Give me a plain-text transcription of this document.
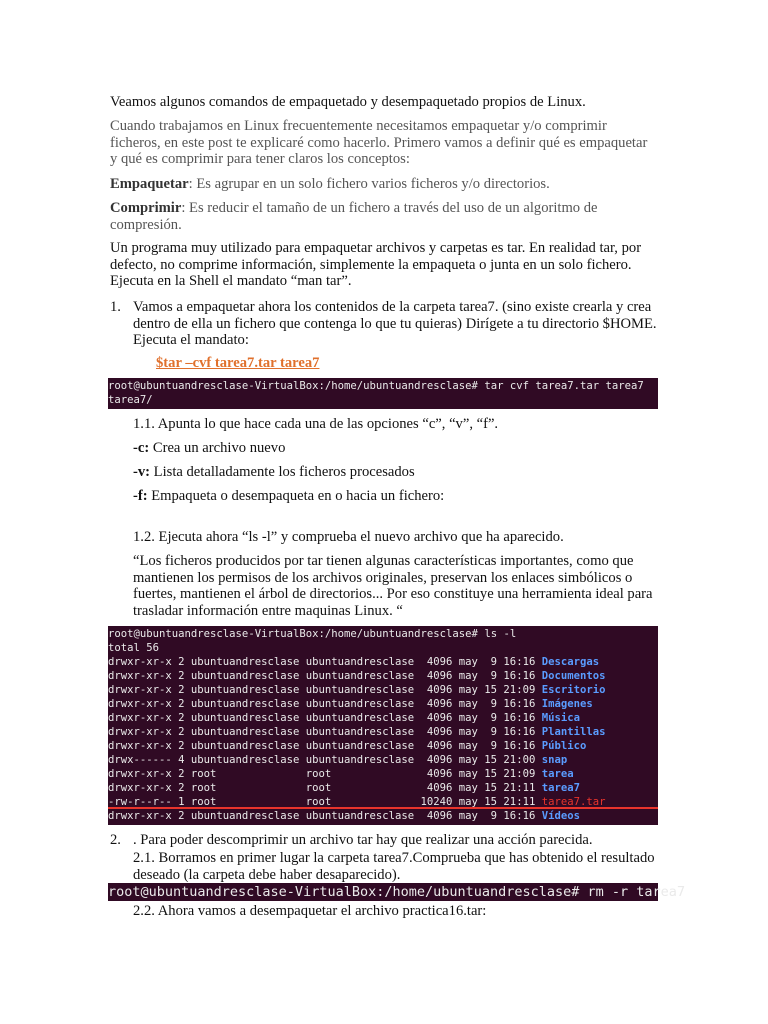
Veamos algunos comandos de empaquetado y desempaquetado propios de Linux.
Cuando trabajamos en Linux frecuentemente necesitamos empaquetar y/o comprimir ficheros, en este post te explicaré como hacerlo. Primero vamos a definir qué es empaquetar y qué es comprimir para tener claros los conceptos:
Empaquetar: Es agrupar en un solo fichero varios ficheros y/o directorios.
Comprimir: Es reducir el tamaño de un fichero a través del uso de un algoritmo de compresión.
Un programa muy utilizado para empaquetar archivos y carpetas es tar. En realidad tar, por defecto, no comprime información, simplemente la empaqueta o junta en un solo fichero. Ejecuta en la Shell el mandato “man tar”.
1. Vamos a empaquetar ahora los contenidos de la carpeta tarea7. (sino existe crearla y crea dentro de ella un fichero que contenga lo que tu quieras) Dirígete a tu directorio $HOME. Ejecuta el mandato:
$tar –cvf tarea7.tar tarea7
root@ubuntuandresclase-VirtualBox:/home/ubuntuandresclase# tar cvf tarea7.tar tarea7
tarea7/
1.1. Apunta lo que hace cada una de las opciones “c”, “v”, “f”.
-c: Crea un archivo nuevo
-v: Lista detalladamente los ficheros procesados
-f: Empaqueta o desempaqueta en o hacia un fichero:
1.2. Ejecuta ahora “ls -l” y comprueba el nuevo archivo que ha aparecido.
“Los ficheros producidos por tar tienen algunas características importantes, como que mantienen los permisos de los archivos originales, preservan los enlaces simbólicos o fuertes, mantienen el árbol de directorios... Por eso constituye una herramienta ideal para trasladar información entre maquinas Linux. “
root@ubuntuandresclase-VirtualBox:/home/ubuntuandresclase# ls -l
total 56
drwxr-xr-x 2 ubuntuandresclase ubuntuandresclase  4096 may  9 16:16 Descargas
drwxr-xr-x 2 ubuntuandresclase ubuntuandresclase  4096 may  9 16:16 Documentos
drwxr-xr-x 2 ubuntuandresclase ubuntuandresclase  4096 may 15 21:09 Escritorio
drwxr-xr-x 2 ubuntuandresclase ubuntuandresclase  4096 may  9 16:16 Imágenes
drwxr-xr-x 2 ubuntuandresclase ubuntuandresclase  4096 may  9 16:16 Música
drwxr-xr-x 2 ubuntuandresclase ubuntuandresclase  4096 may  9 16:16 Plantillas
drwxr-xr-x 2 ubuntuandresclase ubuntuandresclase  4096 may  9 16:16 Público
drwx------ 4 ubuntuandresclase ubuntuandresclase  4096 may 15 21:00 snap
drwxr-xr-x 2 root              root               4096 may 15 21:09 tarea
drwxr-xr-x 2 root              root               4096 may 15 21:11 tarea7
-rw-r--r-- 1 root              root              10240 may 15 21:11 tarea7.tar
drwxr-xr-x 2 ubuntuandresclase ubuntuandresclase  4096 may  9 16:16 Vídeos
2. . Para poder descomprimir un archivo tar hay que realizar una acción parecida.
2.1. Borramos en primer lugar la carpeta tarea7.Comprueba que has obtenido el resultado deseado (la carpeta debe haber desaparecido).
root@ubuntuandresclase-VirtualBox:/home/ubuntuandresclase# rm -r tarea7
2.2. Ahora vamos a desempaquetar el archivo practica16.tar:
